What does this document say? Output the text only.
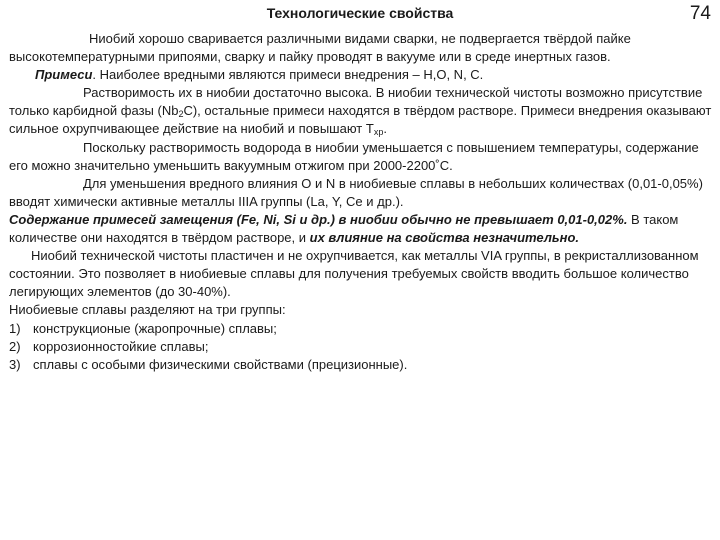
Технологические свойства	74

Ниобий хорошо сваривается различными видами сварки, не подвергается твёрдой пайке высокотемпературными припоями, сварку и пайку проводят в вакууме или в среде инертных газов.

Примеси. Наиболее вредными являются примеси внедрения – Н,O, N, С.

Растворимость их в ниобии достаточно высока. В ниобии технической чистоты возможно присутствие только карбидной фазы $(Nb_2С)$, остальные примеси находятся в твёрдом растворе. Примеси внедрения оказывают сильное охрупчивающее действие на ниобий и повышают $Т_{хр}$.

Поскольку растворимость водорода в ниобии уменьшается с повышением температуры, содержание его можно значительно уменьшить вакуумным отжигом при 2000-2200˚С.

Для уменьшения вредного влияния О и N в ниобиевые сплавы в небольших количествах (0,01-0,05%) вводят химически активные металлы IIIA группы (La, Y, Ce и др.).

Содержание примесей замещения (Fe, Ni, Si и др.) в ниобии обычно не превышает 0,01-0,02%. В таком количестве они находятся в твёрдом растворе, и их влияние на свойства незначительно.

Ниобий технической чистоты пластичен и не охрупчивается, как металлы VIA группы, в рекристаллизованном состоянии. Это позволяет в ниобиевые сплавы для получения требуемых свойств вводить большое количество легирующих элементов (до 30-40%).

Ниобиевые сплавы разделяют на три группы:

1) конструкционые (жаропрочные) сплавы;
2) коррозионностойкие сплавы;
3) сплавы с особыми физическими свойствами (прецизионные).
